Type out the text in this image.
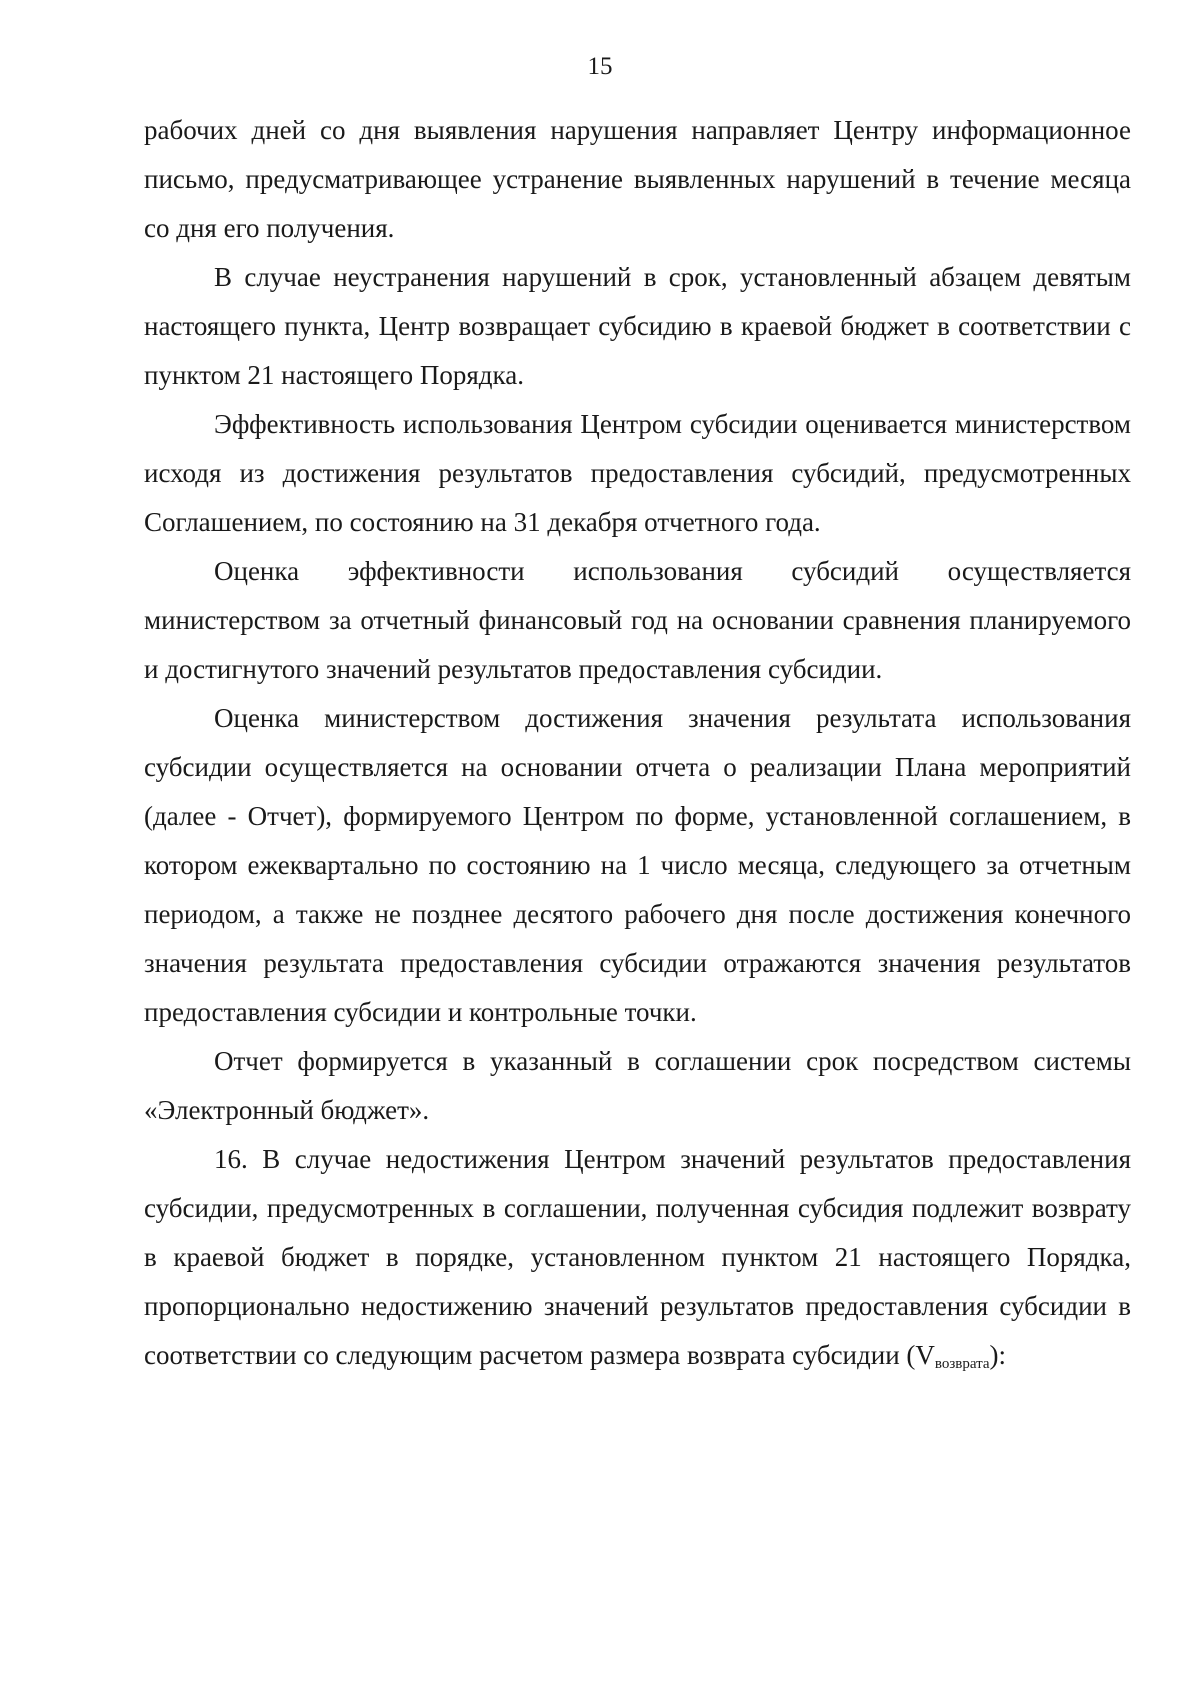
15

рабочих дней со дня выявления нарушения направляет Центру информационное письмо, предусматривающее устранение выявленных нарушений в течение месяца со дня его получения.

В случае неустранения нарушений в срок, установленный абзацем девятым настоящего пункта, Центр возвращает субсидию в краевой бюджет в соответствии с пунктом 21 настоящего Порядка.

Эффективность использования Центром субсидии оценивается министерством исходя из достижения результатов предоставления субсидий, предусмотренных Соглашением, по состоянию на 31 декабря отчетного года.

Оценка эффективности использования субсидий осуществляется министерством за отчетный финансовый год на основании сравнения планируемого и достигнутого значений результатов предоставления субсидии.

Оценка министерством достижения значения результата использования субсидии осуществляется на основании отчета о реализации Плана мероприятий (далее - Отчет), формируемого Центром по форме, установленной соглашением, в котором ежеквартально по состоянию на 1 число месяца, следующего за отчетным периодом, а также не позднее десятого рабочего дня после достижения конечного значения результата предоставления субсидии отражаются значения результатов предоставления субсидии и контрольные точки.

Отчет формируется в указанный в соглашении срок посредством системы «Электронный бюджет».

16. В случае недостижения Центром значений результатов предоставления субсидии, предусмотренных в соглашении, полученная субсидия подлежит возврату в краевой бюджет в порядке, установленном пунктом 21 настоящего Порядка, пропорционально недостижению значений результатов предоставления субсидии в соответствии со следующим расчетом размера возврата субсидии $(V_{возврата})$:
